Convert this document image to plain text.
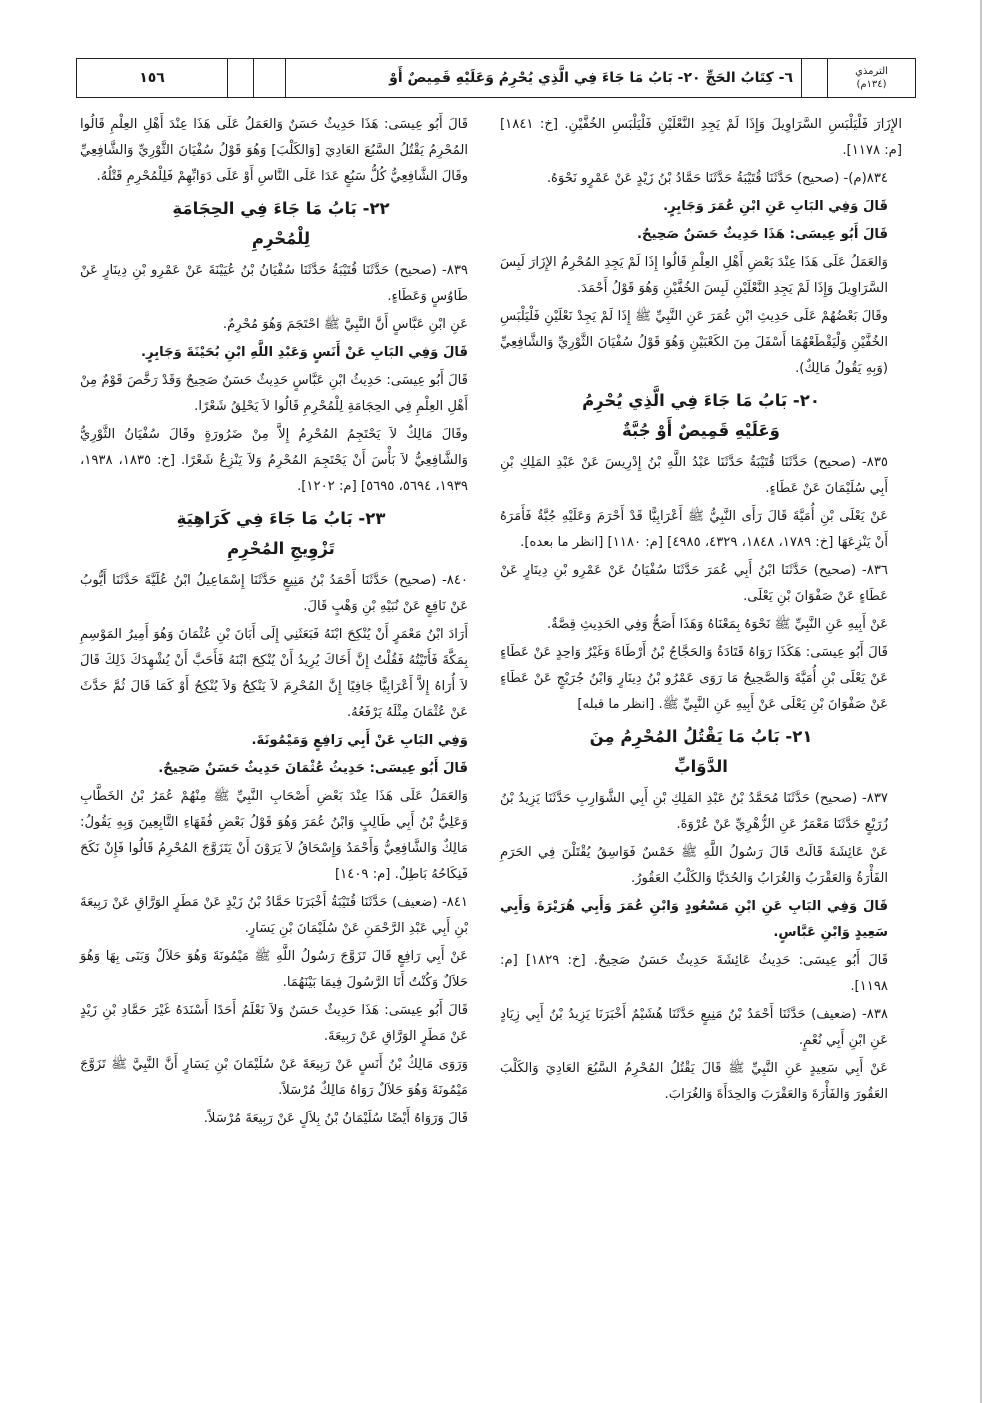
الترمذي
(١٣٤م)
٦- كِتَابُ الحَجِّ ٢٠- بَابُ مَا جَاءَ فِي الَّذِي يُحْرِمُ وَعَلَيْهِ قَمِيصٌ أَوْ
١٥٦

الإِزَارَ فَلْيَلْبَسِ السَّرَاوِيلَ وَإِذَا لَمْ يَجِدِ النَّعْلَيْنِ فَلْيَلْبَسِ الخُفَّيْنِ. [خ: ١٨٤١] [م: ١١٧٨].

٨٣٤(م)- (صحيح) حَدَّثَنَا قُتَيْبَةُ حَدَّثَنَا حَمَّادُ بْنُ زَيْدٍ عَنْ عَمْرٍو نَحْوَهُ.

قَالَ وَفِي البَابِ عَنِ ابْنِ عُمَرَ وَجَابِرٍ.

قَالَ أَبُو عِيسَى: هَذَا حَدِيثٌ حَسَنٌ صَحِيحٌ.

وَالعَمَلُ عَلَى هَذَا عِنْدَ بَعْضِ أَهْلِ العِلْمِ قَالُوا إِذَا لَمْ يَجِدِ المُحْرِمُ الإِزَارَ لَبِسَ السَّرَاوِيلَ وَإِذَا لَمْ يَجِدِ النَّعْلَيْنِ لَبِسَ الخُفَّيْنِ وَهُوَ قَوْلُ أَحْمَدَ.

وقَالَ بَعْضُهُمْ عَلَى حَدِيثِ ابْنِ عُمَرَ عَنِ النَّبِيِّ ﷺ إِذَا لَمْ يَجِدْ نَعْلَيْنِ فَلْيَلْبَسِ الخُفَّيْنِ وَلْيَقْطَعْهُمَا أَسْفَلَ مِنَ الكَعْبَيْنِ وَهُوَ قَوْلُ سُفْيَانَ الثَّوْرِيِّ وَالشَّافِعِيِّ (وَبِهِ يَقُولُ مَالِكٌ).

٢٠- بَابُ مَا جَاءَ فِي الَّذِي يُحْرِمُ
وَعَلَيْهِ قَمِيصٌ أَوْ جُبَّةٌ

٨٣٥- (صحيح) حَدَّثَنَا قُتَيْبَةُ حَدَّثَنَا عَبْدُ اللَّهِ بْنُ إِدْرِيسَ عَنْ عَبْدِ المَلِكِ بْنِ أَبِي سُلَيْمَانَ عَنْ عَطَاءٍ.

عَنْ يَعْلَى بْنِ أُمَيَّةَ قَالَ رَأَى النَّبِيُّ ﷺ أَعْرَابِيًّا قَدْ أَحْرَمَ وَعَلَيْهِ جُبَّةٌ فَأَمَرَهُ أَنْ يَنْزِعَهَا [خ: ١٧٨٩، ١٨٤٨، ٤٣٢٩، ٤٩٨٥] [م: ١١٨٠] [انظر ما بعده].

٨٣٦- (صحيح) حَدَّثَنَا ابْنُ أَبِي عُمَرَ حَدَّثَنَا سُفْيَانُ عَنْ عَمْرِو بْنِ دِينَارٍ عَنْ عَطَاءٍ عَنْ صَفْوَانَ بْنِ يَعْلَى.

عَنْ أَبِيهِ عَنِ النَّبِيِّ ﷺ نَحْوَهُ بِمَعْنَاهُ وَهَذَا أَصَحُّ وَفِي الحَدِيثِ قِصَّةٌ.

قَالَ أَبُو عِيسَى: هَكَذَا رَوَاهُ قَتَادَةُ وَالحَجَّاجُ بْنُ أَرْطَاةَ وَغَيْرُ وَاحِدٍ عَنْ عَطَاءٍ عَنْ يَعْلَى بْنِ أُمَيَّةَ وَالصَّحِيحُ مَا رَوَى عَمْرُو بْنُ دِينَارٍ وَابْنُ جُرَيْجٍ عَنْ عَطَاءٍ عَنْ صَفْوَانَ بْنِ يَعْلَى عَنْ أَبِيهِ عَنِ النَّبِيِّ ﷺ. [انظر ما قبله]

٢١- بَابُ مَا يَقْتُلُ المُحْرِمُ مِنَ
الدَّوَابِّ

٨٣٧- (صحيح) حَدَّثَنَا مُحَمَّدُ بْنُ عَبْدِ المَلِكِ بْنِ أَبِي الشَّوَارِبِ حَدَّثَنَا يَزِيدُ بْنُ زُرَيْعٍ حَدَّثَنَا مَعْمَرٌ عَنِ الزُّهْرِيِّ عَنْ عُرْوَةَ.

عَنْ عَائِشَةَ قَالَتْ قَالَ رَسُولُ اللَّهِ ﷺ خَمْسٌ فَوَاسِقُ يُقْتَلْنَ فِي الحَرَمِ الفَأْرَةُ وَالعَقْرَبُ وَالغُرَابُ وَالحُدَيَّا وَالكَلْبُ العَقُورُ.

قَالَ وَفِي البَابِ عَنِ ابْنِ مَسْعُودٍ وَابْنِ عُمَرَ وَأَبِي هُرَيْرَةَ وَأَبِي سَعِيدٍ وَابْنِ عَبَّاسٍ.

قَالَ أَبُو عِيسَى: حَدِيثُ عَائِشَةَ حَدِيثٌ حَسَنٌ صَحِيحٌ. [خ: ١٨٢٩] [م: ١١٩٨].

٨٣٨- (ضعيف) حَدَّثَنَا أَحْمَدُ بْنُ مَنِيعٍ حَدَّثَنَا هُشَيْمٌ أَخْبَرَنَا يَزِيدُ بْنُ أَبِي زِيَادٍ عَنِ ابْنِ أَبِي نُعْمٍ.

عَنْ أَبِي سَعِيدٍ عَنِ النَّبِيِّ ﷺ قَالَ يَقْتُلُ المُحْرِمُ السَّبُعَ العَادِيَ وَالكَلْبَ العَقُورَ وَالفَأْرَةَ وَالعَقْرَبَ وَالحِدَأَةَ وَالغُرَابَ.

قَالَ أَبُو عِيسَى: هَذَا حَدِيثٌ حَسَنٌ وَالعَمَلُ عَلَى هَذَا عِنْدَ أَهْلِ العِلْمِ قَالُوا المُحْرِمُ يَقْتُلُ السَّبُعَ العَادِيَ [وَالكَلْبَ] وَهُوَ قَوْلُ سُفْيَانَ الثَّوْرِيِّ وَالشَّافِعِيِّ وقَالَ الشَّافِعِيُّ كُلُّ سَبُعٍ عَدَا عَلَى النَّاسِ أَوْ عَلَى دَوَابِّهِمْ فَلِلْمُحْرِمِ قَتْلُهُ.

٢٢- بَابُ مَا جَاءَ فِي الحِجَامَةِ
لِلْمُحْرِمِ

٨٣٩- (صحيح) حَدَّثَنَا قُتَيْبَةُ حَدَّثَنَا سُفْيَانُ بْنُ عُيَيْنَةَ عَنْ عَمْرِو بْنِ دِينَارٍ عَنْ طَاوُسٍ وَعَطَاءٍ.

عَنِ ابْنِ عَبَّاسٍ أَنَّ النَّبِيَّ ﷺ احْتَجَمَ وَهُوَ مُحْرِمٌ.

قَالَ وَفِي البَابِ عَنْ أَنَسٍ وَعَبْدِ اللَّهِ ابْنِ بُحَيْنَةَ وَجَابِرٍ.

قَالَ أَبُو عِيسَى: حَدِيثُ ابْنِ عَبَّاسٍ حَدِيثٌ حَسَنٌ صَحِيحٌ وَقَدْ رَخَّصَ قَوْمٌ مِنْ أَهْلِ العِلْمِ فِي الحِجَامَةِ لِلْمُحْرِمِ قَالُوا لاَ يَحْلِقُ شَعْرًا.

وقَالَ مَالِكٌ لاَ يَحْتَجِمُ المُحْرِمُ إِلاَّ مِنْ ضَرُورَةٍ وقَالَ سُفْيَانُ الثَّوْرِيُّ وَالشَّافِعِيُّ لاَ بَأْسَ أَنْ يَحْتَجِمَ المُحْرِمُ وَلاَ يَنْزِعُ شَعْرًا. [خ: ١٨٣٥، ١٩٣٨، ١٩٣٩، ٥٦٩٤، ٥٦٩٥] [م: ١٢٠٢].

٢٣- بَابُ مَا جَاءَ فِي كَرَاهِيَةِ
تَزْوِيجِ المُحْرِمِ

٨٤٠- (صحيح) حَدَّثَنَا أَحْمَدُ بْنُ مَنِيعٍ حَدَّثَنَا إِسْمَاعِيلُ ابْنُ عُلَيَّةَ حَدَّثَنَا أَيُّوبُ عَنْ نَافِعٍ عَنْ نُبَيْهِ بْنِ وَهْبٍ قَالَ.

أَرَادَ ابْنُ مَعْمَرٍ أَنْ يُنْكِحَ ابْنَهُ فَبَعَثَنِي إِلَى أَبَانَ بْنِ عُثْمَانَ وَهُوَ أَمِيرُ المَوْسِمِ بِمَكَّةَ فَأَتَيْتُهُ فَقُلْتُ إِنَّ أَخَاكَ يُرِيدُ أَنْ يُنْكِحَ ابْنَهُ فَأَحَبَّ أَنْ يُشْهِدَكَ ذَلِكَ قَالَ لاَ أُرَاهُ إِلاَّ أَعْرَابِيًّا جَافِيًا إِنَّ المُحْرِمَ لاَ يَنْكِحُ وَلاَ يُنْكِحُ أَوْ كَمَا قَالَ ثُمَّ حَدَّثَ عَنْ عُثْمَانَ مِثْلَهُ يَرْفَعُهُ.

وَفِي البَابِ عَنْ أَبِي رَافِعٍ وَمَيْمُونَةَ.

قَالَ أَبُو عِيسَى: حَدِيثُ عُثْمَانَ حَدِيثٌ حَسَنٌ صَحِيحٌ.

وَالعَمَلُ عَلَى هَذَا عِنْدَ بَعْضِ أَصْحَابِ النَّبِيِّ ﷺ مِنْهُمْ عُمَرُ بْنُ الخَطَّابِ وَعَلِيُّ بْنُ أَبِي طَالِبٍ وَابْنُ عُمَرَ وَهُوَ قَوْلُ بَعْضِ فُقَهَاءِ التَّابِعِينَ وَبِهِ يَقُولُ: مَالِكٌ وَالشَّافِعِيُّ وَأَحْمَدُ وَإِسْحَاقُ لاَ يَرَوْنَ أَنْ يَتَزَوَّجَ المُحْرِمُ قَالُوا فَإِنْ نَكَحَ فَنِكَاحُهُ بَاطِلٌ. [م: ١٤٠٩]

٨٤١- (ضعيف) حَدَّثَنَا قُتَيْبَةُ أَخْبَرَنَا حَمَّادُ بْنُ زَيْدٍ عَنْ مَطَرٍ الوَرَّاقِ عَنْ رَبِيعَةَ بْنِ أَبِي عَبْدِ الرَّحْمَنِ عَنْ سُلَيْمَانَ بْنِ يَسَارٍ.

عَنْ أَبِي رَافِعٍ قَالَ تَزَوَّجَ رَسُولُ اللَّهِ ﷺ مَيْمُونَةَ وَهُوَ حَلاَلٌ وَبَنَى بِهَا وَهُوَ حَلاَلٌ وَكُنْتُ أَنَا الرَّسُولَ فِيمَا بَيْنَهُمَا.

قَالَ أَبُو عِيسَى: هَذَا حَدِيثٌ حَسَنٌ وَلاَ نَعْلَمُ أَحَدًا أَسْنَدَهُ غَيْرَ حَمَّادِ بْنِ زَيْدٍ عَنْ مَطَرٍ الوَرَّاقِ عَنْ رَبِيعَةَ.

وَرَوَى مَالِكُ بْنُ أَنَسٍ عَنْ رَبِيعَةَ عَنْ سُلَيْمَانَ بْنِ يَسَارٍ أَنَّ النَّبِيَّ ﷺ تَزَوَّجَ مَيْمُونَةَ وَهُوَ حَلاَلٌ رَوَاهُ مَالِكٌ مُرْسَلاً.

قَالَ وَرَوَاهُ أَيْضًا سُلَيْمَانُ بْنُ بِلاَلٍ عَنْ رَبِيعَةَ مُرْسَلاً.
